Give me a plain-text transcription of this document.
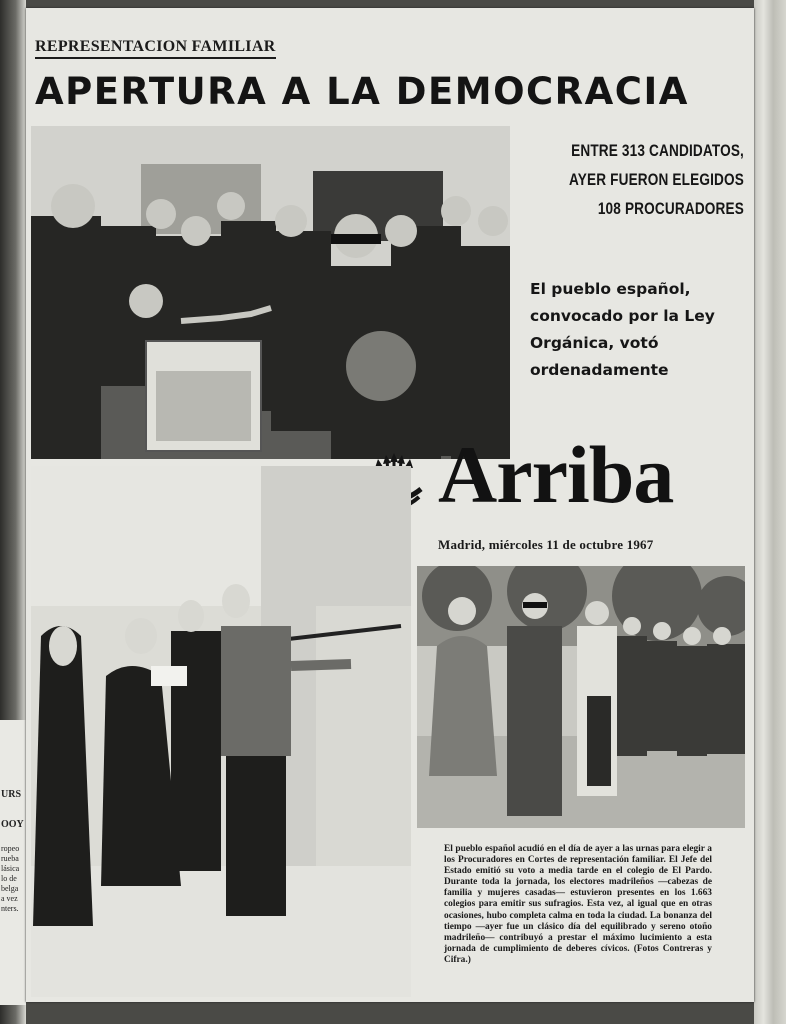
URS
OOY
ropeo
rueba
lásica
lo de
belga
a vez
nters.
REPRESENTACION FAMILIAR
APERTURA A LA DEMOCRACIA
ENTRE 313 CANDIDATOS,
AYER FUERON ELEGIDOS
108 PROCURADORES
El pueblo español,
convocado por la Ley
Orgánica, votó
ordenadamente
Arriba
Madrid, miércoles 11 de octubre 1967
El pueblo español acudió en el día de ayer a las urnas para elegir a los Procuradores en Cortes de representación familiar. El Jefe del Estado emitió su voto a media tarde en el colegio de El Pardo. Durante toda la jornada, los electores madrileños —cabezas de familia y mujeres casadas— estuvieron presentes en los 1.663 colegios para emitir sus sufragios. Esta vez, al igual que en otras ocasiones, hubo completa calma en toda la ciudad. La bonanza del tiempo —ayer fue un clásico día del equilibrado y sereno otoño madrileño— contribuyó a prestar el máximo lucimiento a esta jornada de cumplimiento de deberes cívicos. (Fotos Contreras y Cifra.)
